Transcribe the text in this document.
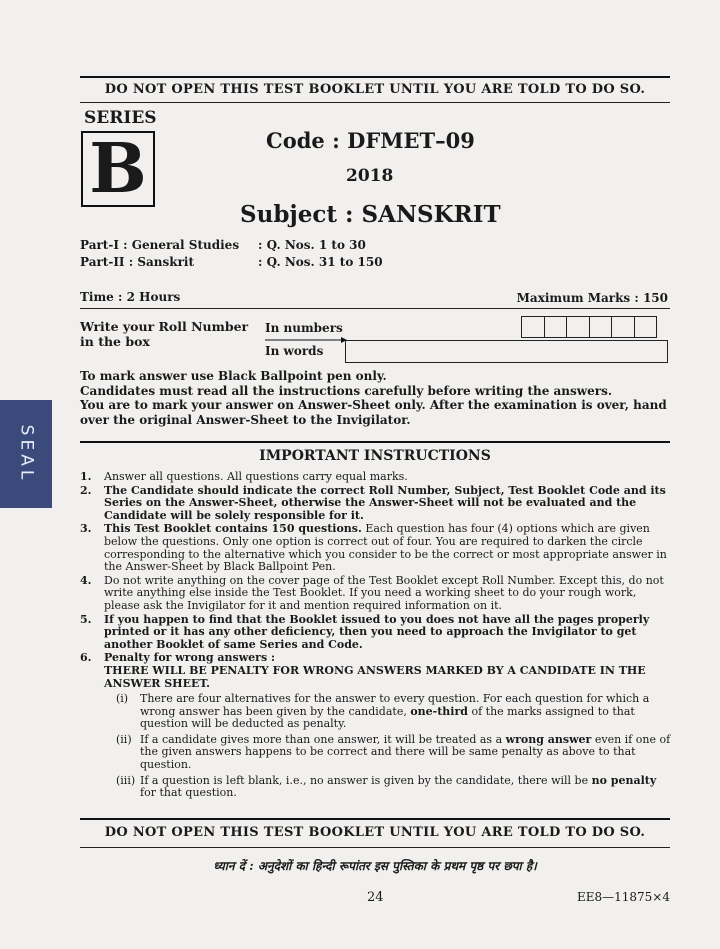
DO NOT OPEN THIS TEST BOOKLET UNTIL YOU ARE TOLD TO DO SO.
SERIES
B	Code : DFMET–09
2018
Subject : SANSKRIT
Part-I : General Studies	: Q. Nos. 1 to 30
Part-II : Sanskrit	: Q. Nos. 31 to 150
Time : 2 Hours	Maximum Marks : 150
Write your Roll Number in the box
In numbers
In words

To mark answer use Black Ballpoint pen only.

Candidates must read all the instructions carefully before writing the answers.

You are to mark your answer on Answer-Sheet only. After the examination is over, hand over the original Answer-Sheet to the Invigilator.

IMPORTANT INSTRUCTIONS
1.	Answer all questions. All questions carry equal marks.
2.	The Candidate should indicate the correct Roll Number, Subject, Test Booklet Code and its Series on the Answer-Sheet, otherwise the Answer-Sheet will not be evaluated and the Candidate will be solely responsible for it.
3.	This Test Booklet contains 150 questions. Each question has four (4) options which are given below the questions. Only one option is correct out of four. You are required to darken the circle corresponding to the alternative which you consider to be the correct or most appropriate answer in the Answer-Sheet by Black Ballpoint Pen.
4.	Do not write anything on the cover page of the Test Booklet except Roll Number. Except this, do not write anything else inside the Test Booklet. If you need a working sheet to do your rough work, please ask the Invigilator for it and mention required information on it.
5.	If you happen to find that the Booklet issued to you does not have all the pages properly printed or it has any other deficiency, then you need to approach the Invigilator to get another Booklet of same Series and Code.
6.	Penalty for wrong answers :
THERE WILL BE PENALTY FOR WRONG ANSWERS MARKED BY A CANDIDATE IN THE ANSWER SHEET.
(i)	There are four alternatives for the answer to every question. For each question for which a wrong answer has been given by the candidate, one-third of the marks assigned to that question will be deducted as penalty.
(ii) If a candidate gives more than one answer, it will be treated as a wrong answer even if one of the given answers happens to be correct and there will be same penalty as above to that question.
(iii) If a question is left blank, i.e., no answer is given by the candidate, there will be no penalty for that question.
DO NOT OPEN THIS TEST BOOKLET UNTIL YOU ARE TOLD TO DO SO.
ध्यान दें : अनुदेशों का हिन्दी रूपांतर इस पुस्तिका के प्रथम पृष्ठ पर छपा है।
24	EE8—11875×4
SEAL
